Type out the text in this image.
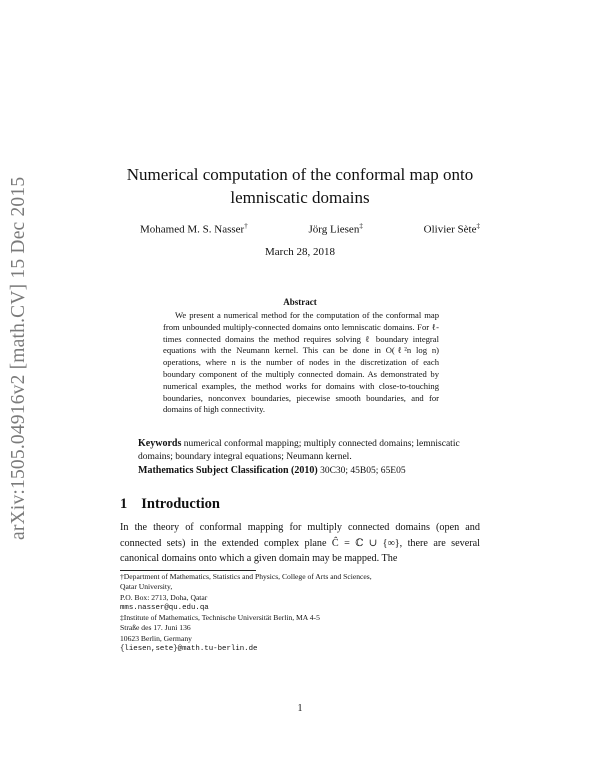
arXiv:1505.04916v2 [math.CV] 15 Dec 2015
Numerical computation of the conformal map onto
lemniscatic domains
Mohamed M. S. Nasser†	Jörg Liesen‡	Olivier Sète‡
March 28, 2018
Abstract

We present a numerical method for the computation of the conformal map from unbounded multiply-connected domains onto lemniscatic domains. For ℓ-times connected domains the method requires solving ℓ boundary integral equations with the Neumann kernel. This can be done in O(ℓ²n log n) operations, where n is the number of nodes in the discretization of each boundary component of the multiply connected domain. As demonstrated by numerical examples, the method works for domains with close-to-touching boundaries, nonconvex boundaries, piecewise smooth boundaries, and for domains of high connectivity.

Keywords numerical conformal mapping; multiply connected domains; lemniscatic domains; boundary integral equations; Neumann kernel.

Mathematics Subject Classification (2010) 30C30; 45B05; 65E05

1 Introduction

In the theory of conformal mapping for multiply connected domains (open and connected sets) in the extended complex plane Ĉ = ℂ ∪ {∞}, there are several canonical domains onto which a given domain may be mapped. The

†Department of Mathematics, Statistics and Physics, College of Arts and Sciences,

Qatar University,

P.O. Box: 2713, Doha, Qatar

mms.nasser@qu.edu.qa

‡Institute of Mathematics, Technische Universität Berlin, MA 4-5

Straße des 17. Juni 136

10623 Berlin, Germany

{liesen,sete}@math.tu-berlin.de

1
